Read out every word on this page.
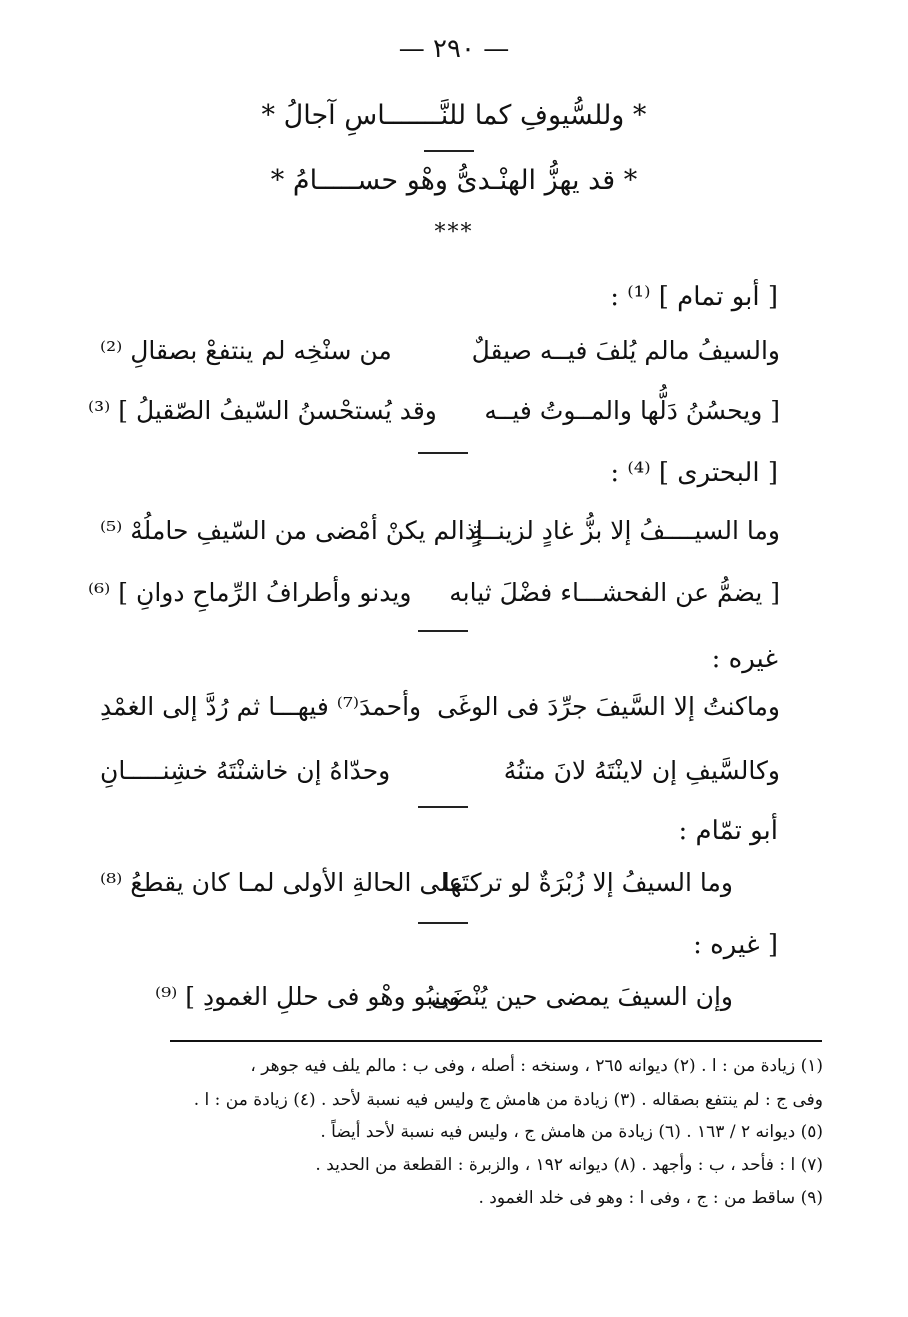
— ٢٩٠ —
* وللسُّيوفِ كما للنَّـــــــاسِ آجالُ *
* قد يهزُّ الهنْـدىُّ وهْو حســـــامُ *
***
[ أبو تمام ] ⁽¹⁾ :
والسيفُ مالم يُلفَ فيــه صيقلٌ
من سنْخِه لم ينتفعْ بصقالِ ⁽²⁾
[ ويحسُنُ دَلُّها والمــوتُ فيــه
وقد يُستحْسنُ السّيفُ الصّقيلُ ] ⁽³⁾
[ البحترى ] ⁽⁴⁾ :
وما السيــــفُ إلا بزُّ غادٍ لزينــةٍ
إذالم يكنْ أمْضى من السّيفِ حاملُهْ ⁽⁵⁾
[ يضمُّ عن الفحشـــاء فضْلَ ثيابه
ويدنو وأطرافُ الرِّماحِ دوانِ ] ⁽⁶⁾
غيره :
وماكنتُ إلا السَّيفَ جرِّدَ فى الوغَى
وأحمدَ⁽⁷⁾ فيهـــا ثم رُدَّ إلى الغمْدِ
وكالسَّيفِ إن لاينْتَهُ لانَ متنُهُ
وحدّاهُ إن خاشنْتَهُ خشِنـــــانِ
أبو تمّام :
وما السيفُ إلا زُبْرَةٌ لو تركتَها
على الحالةِ الأولى لمـا كان يقطعُ ⁽⁸⁾
[ غيره :
وإن السيفَ يمضى حين يُنْضَى
وينبُو وهْو فى حللِ الغمودِ ] ⁽⁹⁾
(١) زيادة من : ا . (٢) ديوانه ٢٦٥ ، وسنخه : أصله ، وفى ب : مالم يلف فيه جوهر ،
وفى ج : لم ينتفع بصقاله . (٣) زيادة من هامش ج وليس فيه نسبة لأحد . (٤) زيادة من : ا .
(٥) ديوانه ٢ / ١٦٣ . (٦) زيادة من هامش ج ، وليس فيه نسبة لأحد أيضاً .
(٧) ا : فأحد ، ب : وأجهد . (٨) ديوانه ١٩٢ ، والزبرة : القطعة من الحديد .
(٩) ساقط من : ج ، وفى ا : وهو فى خلد الغمود .
